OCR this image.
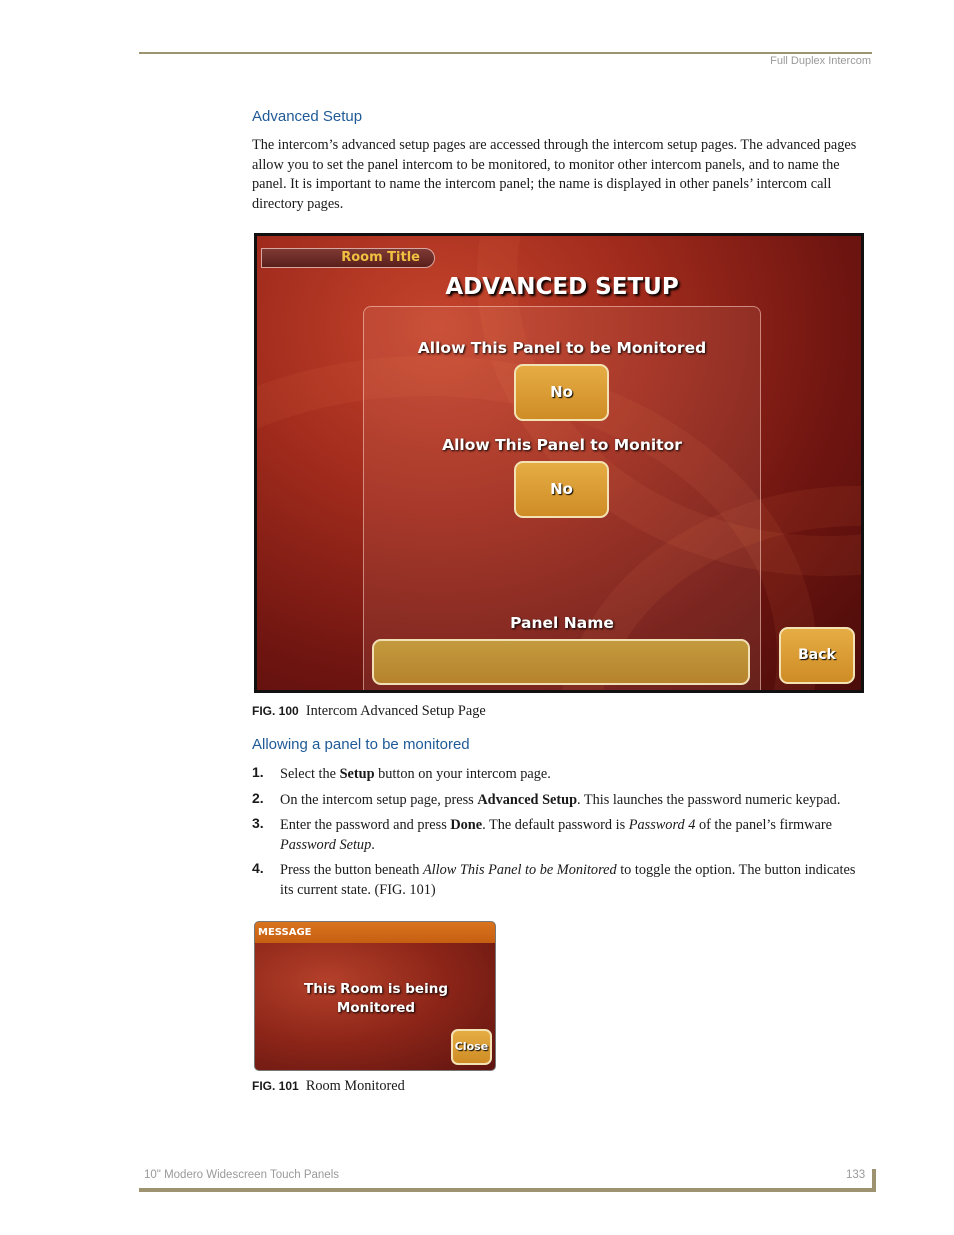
Full Duplex Intercom
Advanced Setup
The intercom’s advanced setup pages are accessed through the intercom setup pages. The advanced pages allow you to set the panel intercom to be monitored, to monitor other intercom panels, and to name the panel. It is important to name the intercom panel; the name is displayed in other panels’ intercom call directory pages.
Room Title
ADVANCED SETUP
Allow This Panel to be Monitored
No
Allow This Panel to Monitor
No
Panel Name
Back
FIG. 100 Intercom Advanced Setup Page
Allowing a panel to be monitored
1. Select the Setup button on your intercom page.
2. On the intercom setup page, press Advanced Setup. This launches the password numeric keypad.
3. Enter the password and press Done. The default password is Password 4 of the panel’s firmware Password Setup.
4. Press the button beneath Allow This Panel to be Monitored to toggle the option. The button indicates its current state. (FIG. 101)
MESSAGE
This Room is being
Monitored
Close
FIG. 101 Room Monitored
10" Modero Widescreen Touch Panels	133
